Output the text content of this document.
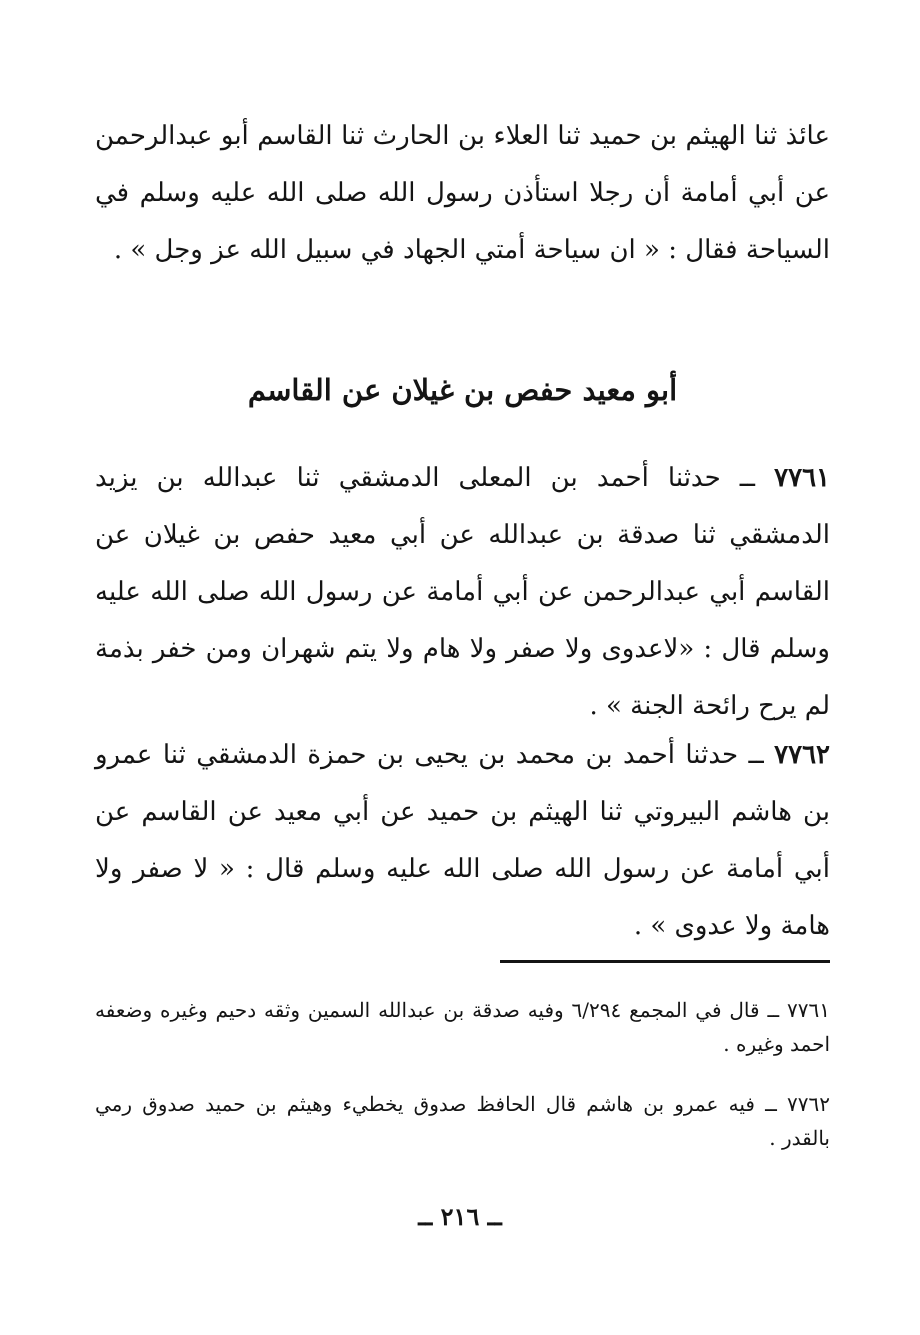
عائذ ثنا الهيثم بن حميد ثنا العلاء بن الحارث ثنا القاسم أبو عبدالرحمن عن أبي أمامة أن رجلا استأذن رسول الله صلى الله عليه وسلم في السياحة فقال : « ان سياحة أمتي الجهاد في سبيل الله عز وجل » .

أبو معيد حفص بن غيلان عن القاسم

٧٧٦١ ــ حدثنا أحمد بن المعلى الدمشقي ثنا عبدالله بن يزيد الدمشقي ثنا صدقة بن عبدالله عن أبي معيد حفص بن غيلان عن القاسم أبي عبدالرحمن عن أبي أمامة عن رسول الله صلى الله عليه وسلم قال : «لاعدوى ولا صفر ولا هام ولا يتم شهران ومن خفر بذمة لم يرح رائحة الجنة » .

٧٧٦٢ ــ حدثنا أحمد بن محمد بن يحيى بن حمزة الدمشقي ثنا عمرو بن هاشم البيروتي ثنا الهيثم بن حميد عن أبي معيد عن القاسم عن أبي أمامة عن رسول الله صلى الله عليه وسلم قال : « لا صفر ولا هامة ولا عدوى » .

٧٧٦١ ــ قال في المجمع ٦/٢٩٤ وفيه صدقة بن عبدالله السمين وثقه دحيم وغيره وضعفه احمد وغيره .

٧٧٦٢ ــ فيه عمرو بن هاشم قال الحافظ صدوق يخطيء وهيثم بن حميد صدوق رمي بالقدر .

ــ ٢١٦ ــ
